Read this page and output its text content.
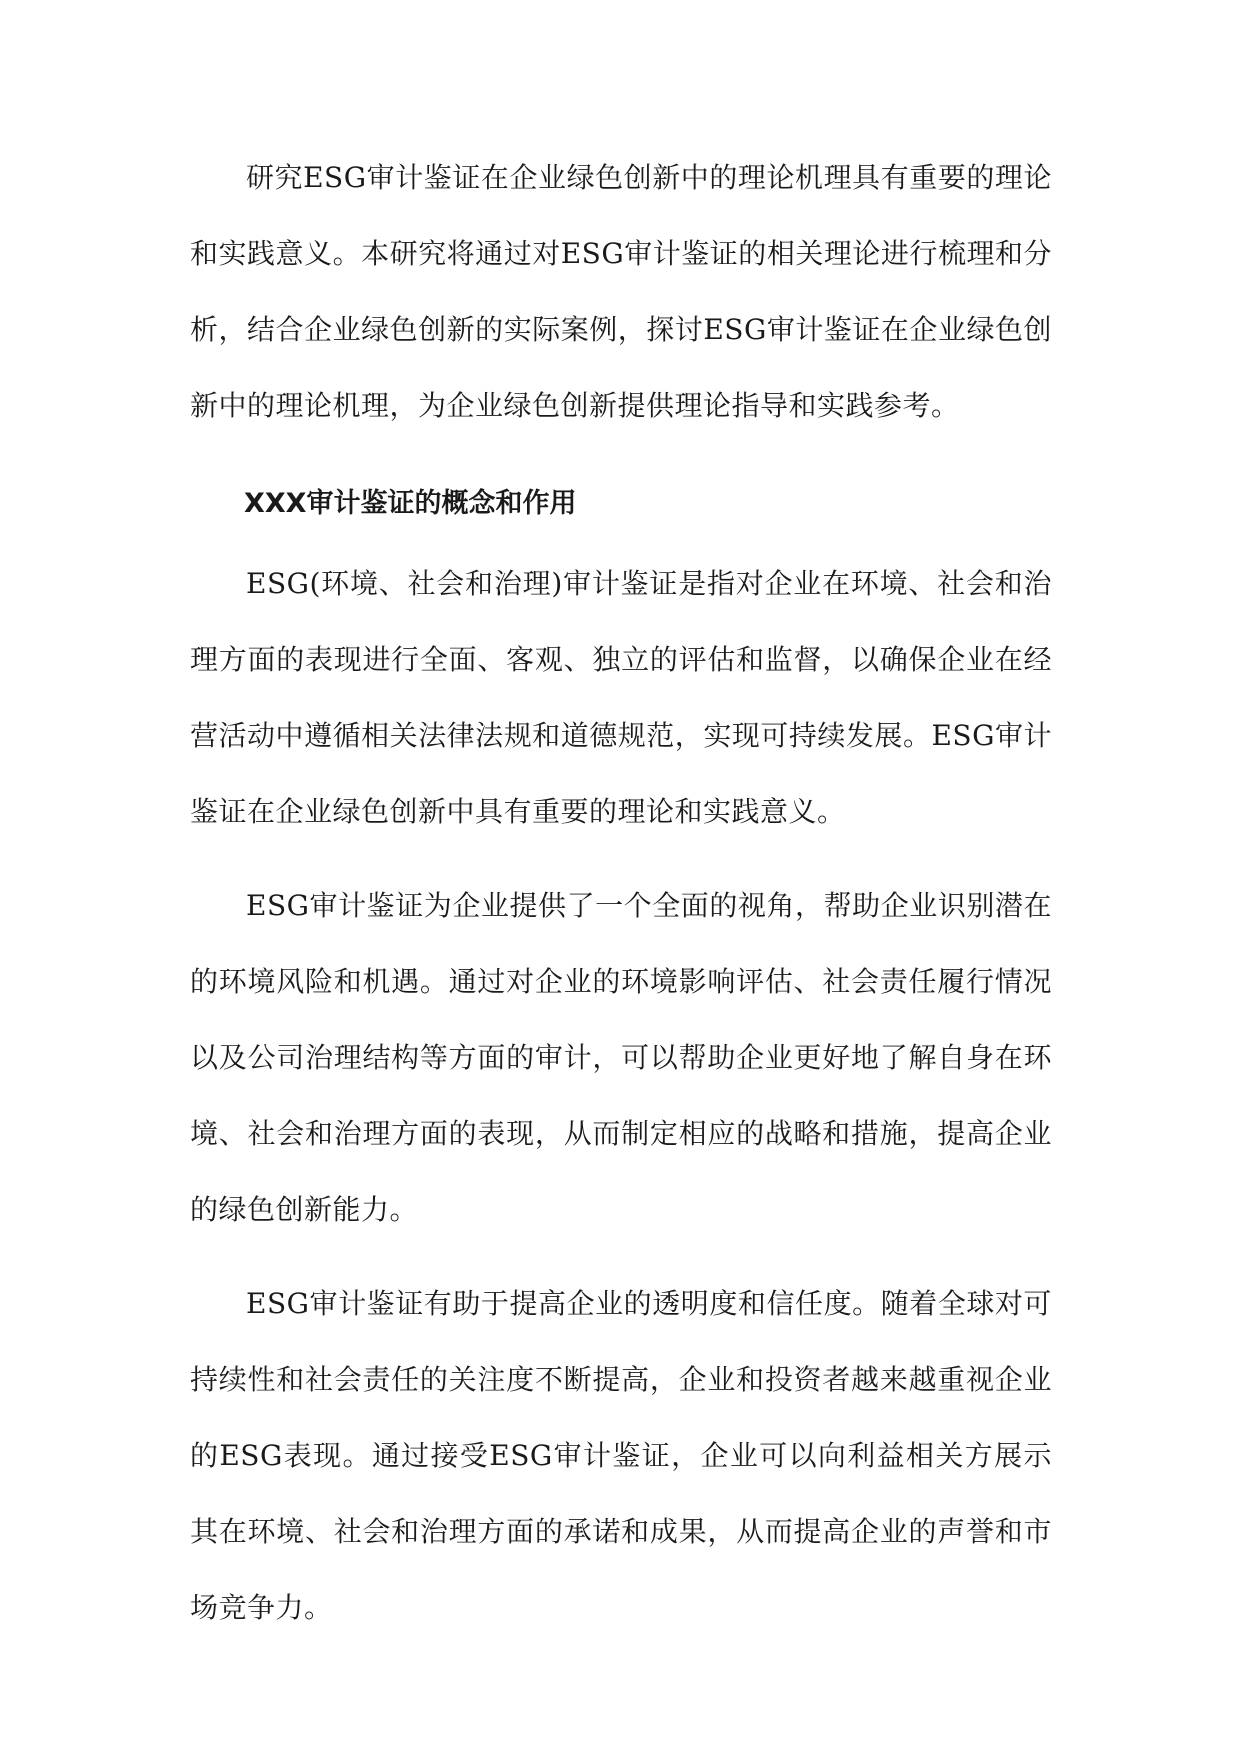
研究ESG审计鉴证在企业绿色创新中的理论机理具有重要的理论和实践意义。本研究将通过对ESG审计鉴证的相关理论进行梳理和分析，结合企业绿色创新的实际案例，探讨ESG审计鉴证在企业绿色创新中的理论机理，为企业绿色创新提供理论指导和实践参考。

XXX审计鉴证的概念和作用

ESG(环境、社会和治理)审计鉴证是指对企业在环境、社会和治理方面的表现进行全面、客观、独立的评估和监督，以确保企业在经营活动中遵循相关法律法规和道德规范，实现可持续发展。ESG审计鉴证在企业绿色创新中具有重要的理论和实践意义。

ESG审计鉴证为企业提供了一个全面的视角，帮助企业识别潜在的环境风险和机遇。通过对企业的环境影响评估、社会责任履行情况以及公司治理结构等方面的审计，可以帮助企业更好地了解自身在环境、社会和治理方面的表现，从而制定相应的战略和措施，提高企业的绿色创新能力。

ESG审计鉴证有助于提高企业的透明度和信任度。随着全球对可持续性和社会责任的关注度不断提高，企业和投资者越来越重视企业的ESG表现。通过接受ESG审计鉴证，企业可以向利益相关方展示其在环境、社会和治理方面的承诺和成果，从而提高企业的声誉和市场竞争力。
